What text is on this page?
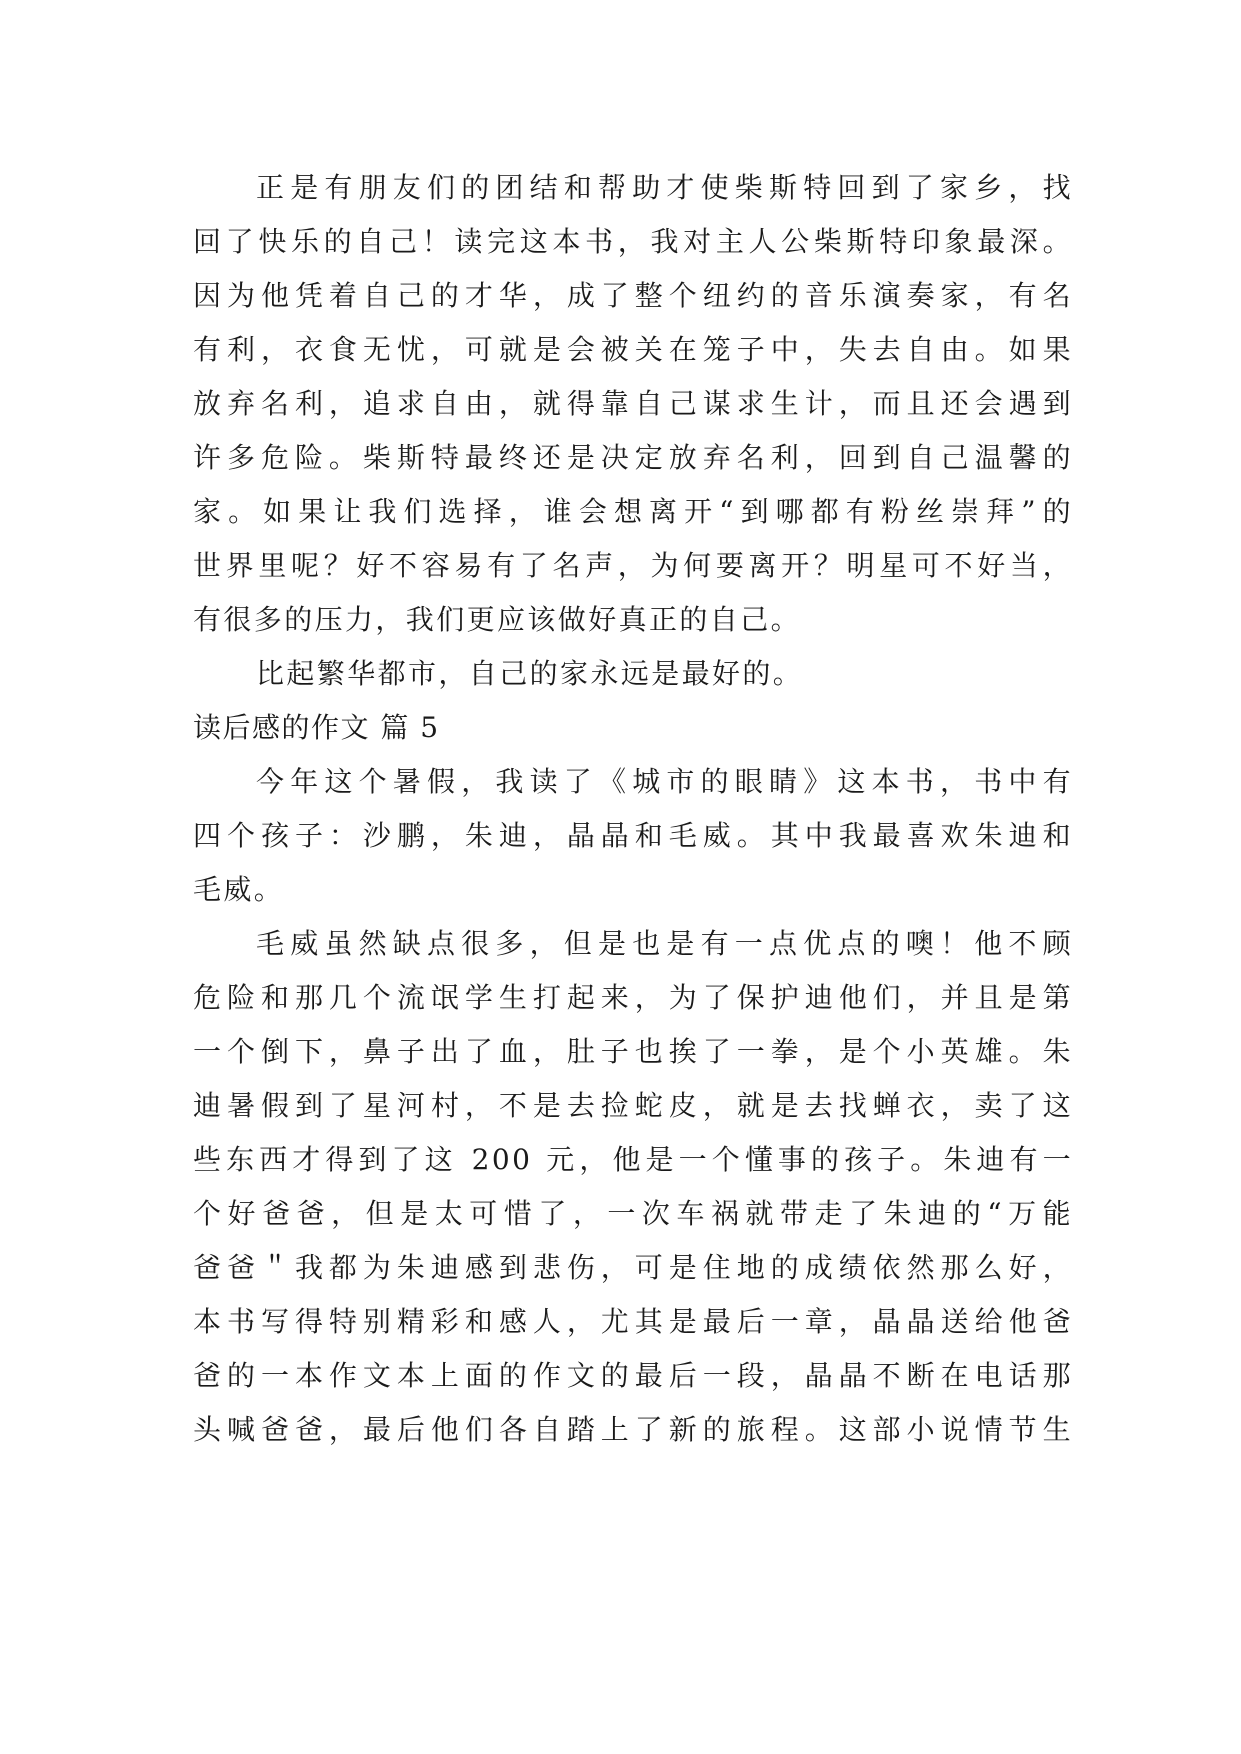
正是有朋友们的团结和帮助才使柴斯特回到了家乡，找
回了快乐的自己！读完这本书，我对主人公柴斯特印象最深。
因为他凭着自己的才华，成了整个纽约的音乐演奏家，有名
有利，衣食无忧，可就是会被关在笼子中，失去自由。如果
放弃名利，追求自由，就得靠自己谋求生计，而且还会遇到
许多危险。柴斯特最终还是决定放弃名利，回到自己温馨的
家。如果让我们选择，谁会想离开“到哪都有粉丝崇拜”的
世界里呢？好不容易有了名声，为何要离开？明星可不好当，
有很多的压力，我们更应该做好真正的自己。
比起繁华都市，自己的家永远是最好的。
读后感的作文 篇 5
今年这个暑假，我读了《城市的眼睛》这本书，书中有
四个孩子：沙鹏，朱迪，晶晶和毛威。其中我最喜欢朱迪和
毛威。
毛威虽然缺点很多，但是也是有一点优点的噢！他不顾
危险和那几个流氓学生打起来，为了保护迪他们，并且是第
一个倒下，鼻子出了血，肚子也挨了一拳，是个小英雄。朱
迪暑假到了星河村，不是去捡蛇皮，就是去找蝉衣，卖了这
些东西才得到了这 200 元，他是一个懂事的孩子。朱迪有一
个好爸爸，但是太可惜了，一次车祸就带走了朱迪的“万能
爸爸＂我都为朱迪感到悲伤，可是住地的成绩依然那么好，
本书写得特别精彩和感人，尤其是最后一章，晶晶送给他爸
爸的一本作文本上面的作文的最后一段，晶晶不断在电话那
头喊爸爸，最后他们各自踏上了新的旅程。这部小说情节生
